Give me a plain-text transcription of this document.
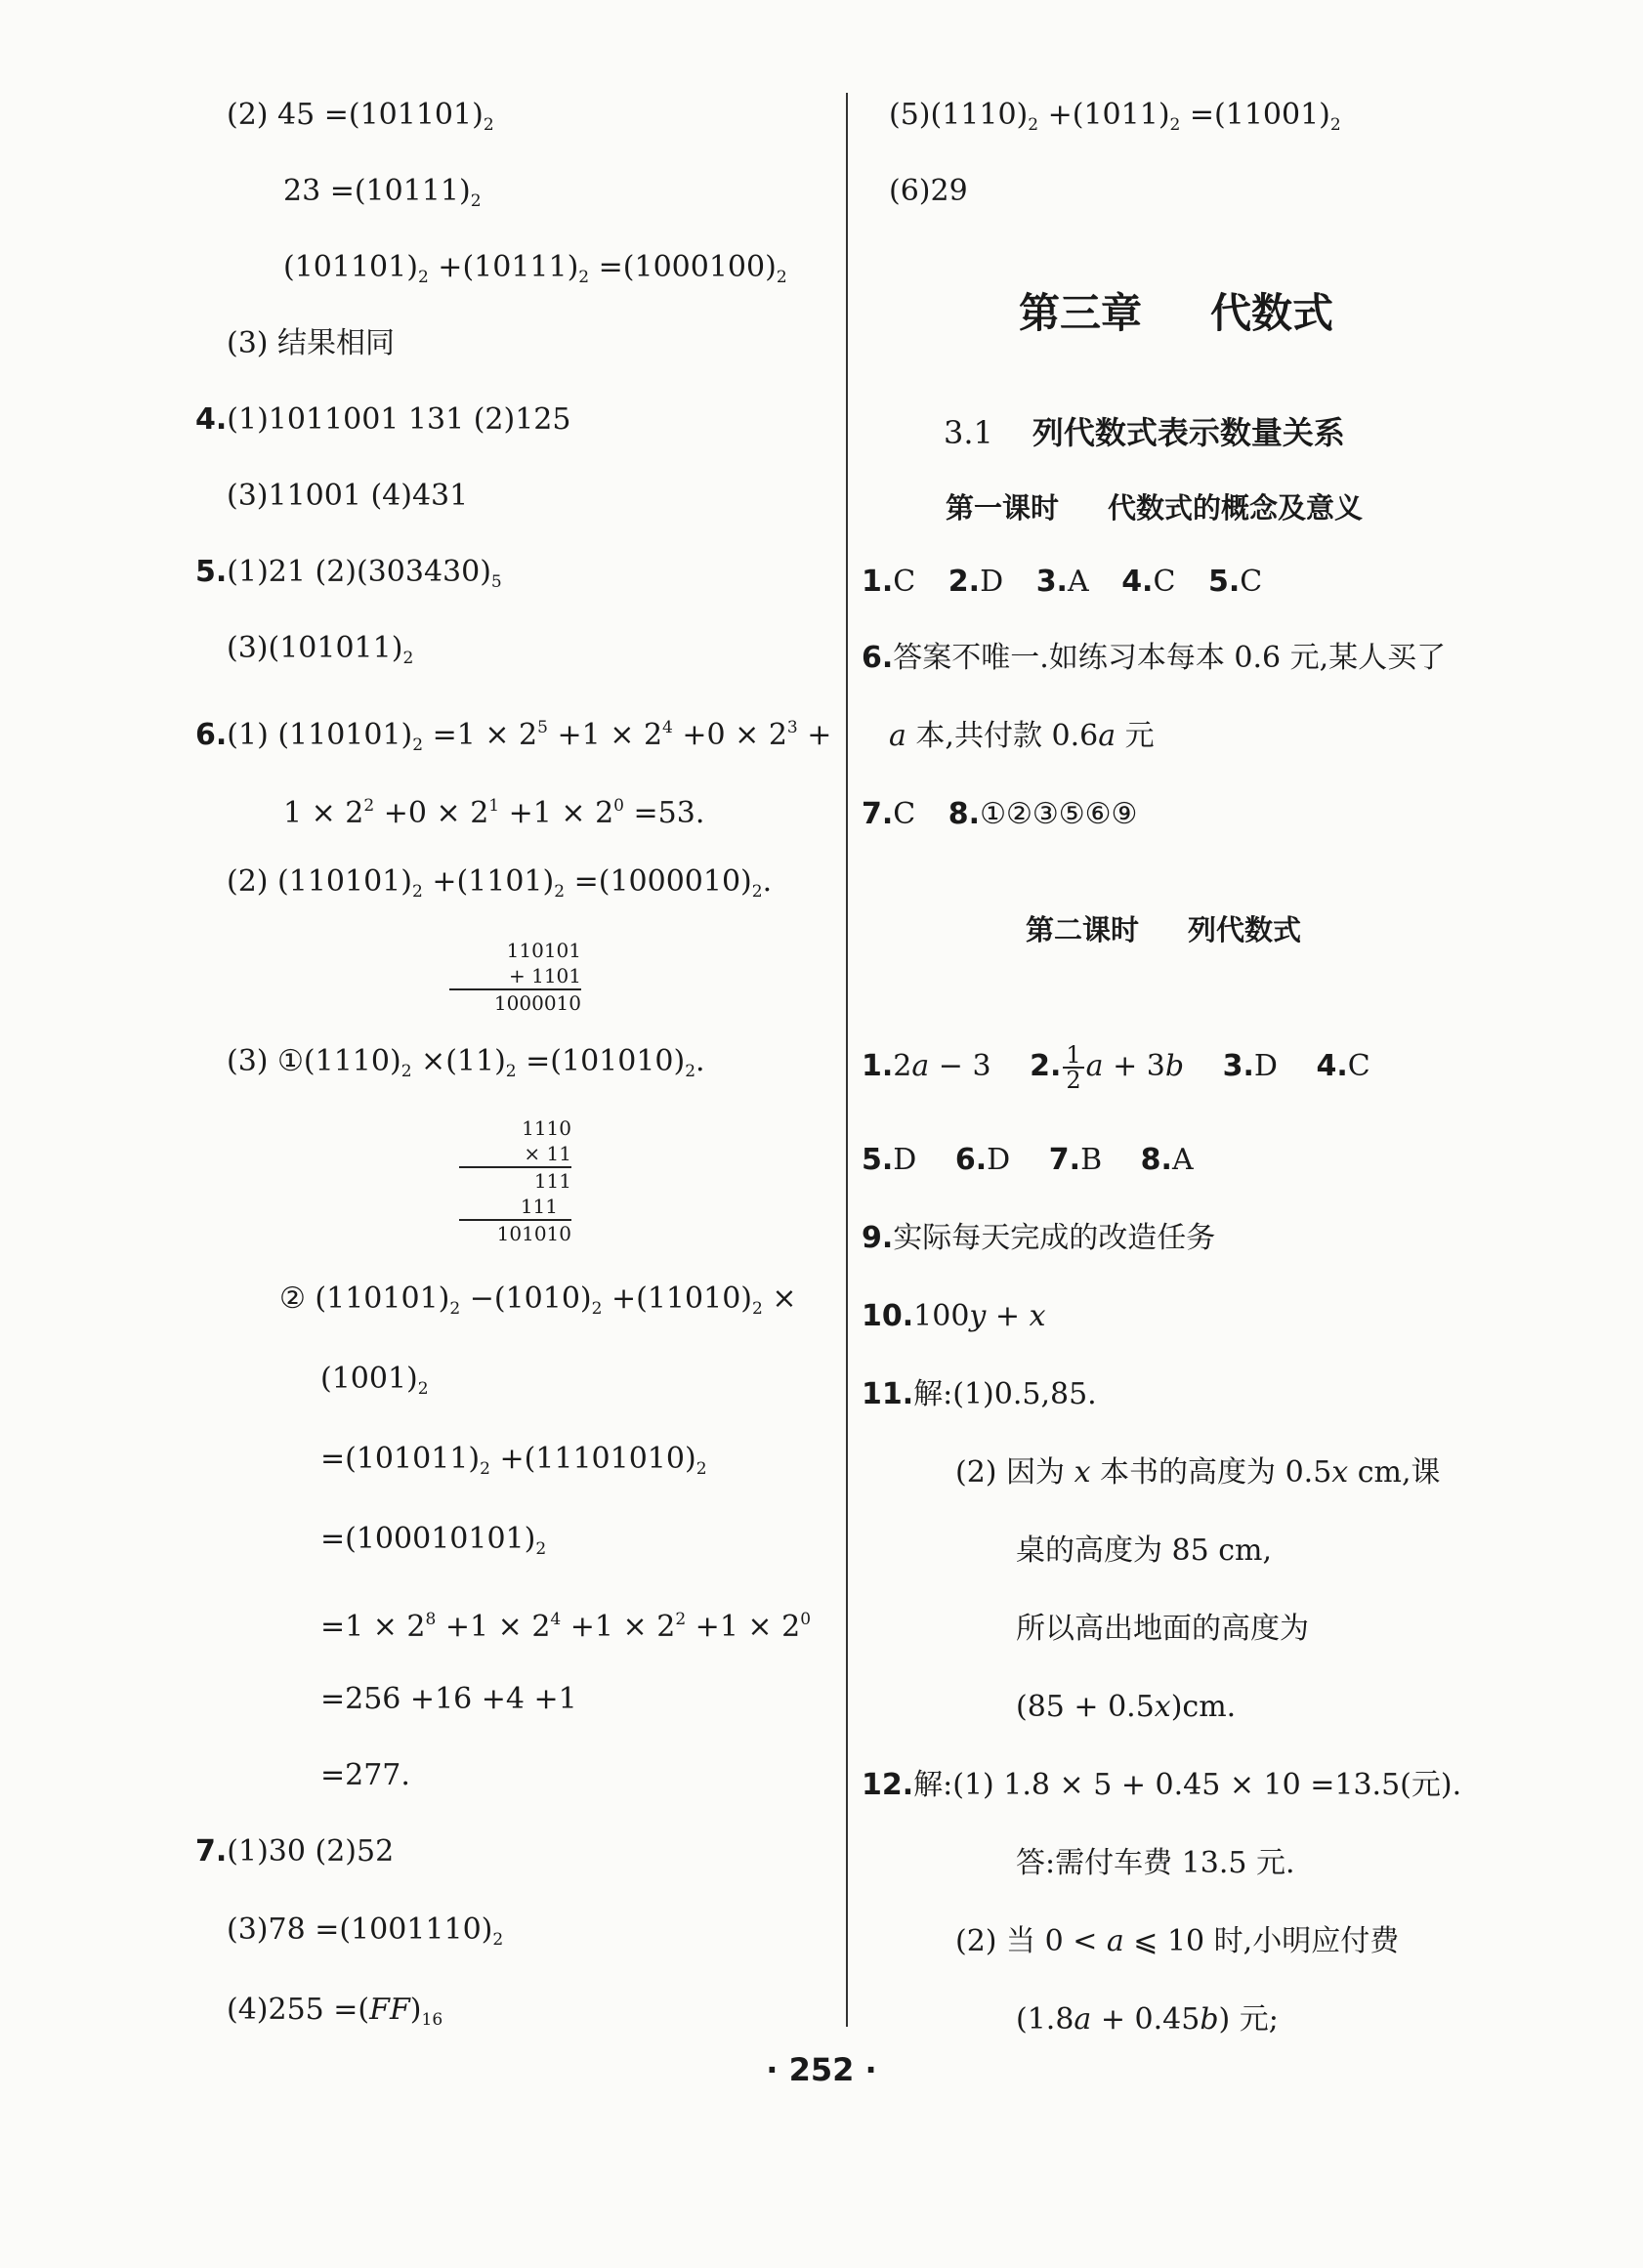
(2) $45 =(101101)_2$
$23 =(10111)_2$
$(101101)_2 +(10111)_2 =(1000100)_2$
(3) 结果相同
4.(1)1011001 131 (2)125
(3)11001 (4)431
5.(1)21 $(2)(303430)_5$
$(3)(101011)_2$
6.(1) $(110101)_2 =1 \times 2^5 +1 \times 2^4 +0 \times 2^3$ +
$1 \times 2^2 +0 \times 2^1 +1 \times 2^0 =53$.
(2) $(110101)_2 +(1101)_2 =(1000010)_2$.
110101
+ 1101
1000010
(3) $①(1110)_2 \times(11)_2 =(101010)_2$.
1110
× 11
111
111
101010
② $(110101)_2 -(1010)_2 +(11010)_2$ ×
$(1001)_2$
$=(101011)_2 +(11101010)_2$
$=(100010101)_2$
$=1 \times 2^8 +1 \times 2^4 +1 \times 2^2 +1 \times 2^0$
=256 +16 +4 +1
=277.
7.(1)30 (2)52
$(3)78 =(1001110)_2$
$(4)255 =(FF)_{16}$
$(5)(1110)_2 +(1011)_2 =(11001)_2$
(6)29
第三章 代数式
3.1 列代数式表示数量关系
第一课时 代数式的概念及意义
1.C 2.D 3.A 4.C 5.C
6.答案不唯一.如练习本每本 0.6 元,某人买了
a 本,共付款 0.6a 元
7.C 8.①②③⑤⑥⑨
第二课时 列代数式
1.2a − 3 2. $\frac{1}{2}$ a + 3b 3.D 4.C
5.D 6.D 7.B 8.A
9.实际每天完成的改造任务
10.100y + x
11.解:(1)0.5,85.
(2) 因为 x 本书的高度为 0.5x cm,课
桌的高度为 85 cm,
所以高出地面的高度为
(85 + 0.5x)cm.
12.解:(1) 1.8 × 5 + 0.45 × 10 =13.5(元).
答:需付车费 13.5 元.
(2) 当 0 < a ⩽ 10 时,小明应付费
(1.8a + 0.45b) 元;
· 252 ·
